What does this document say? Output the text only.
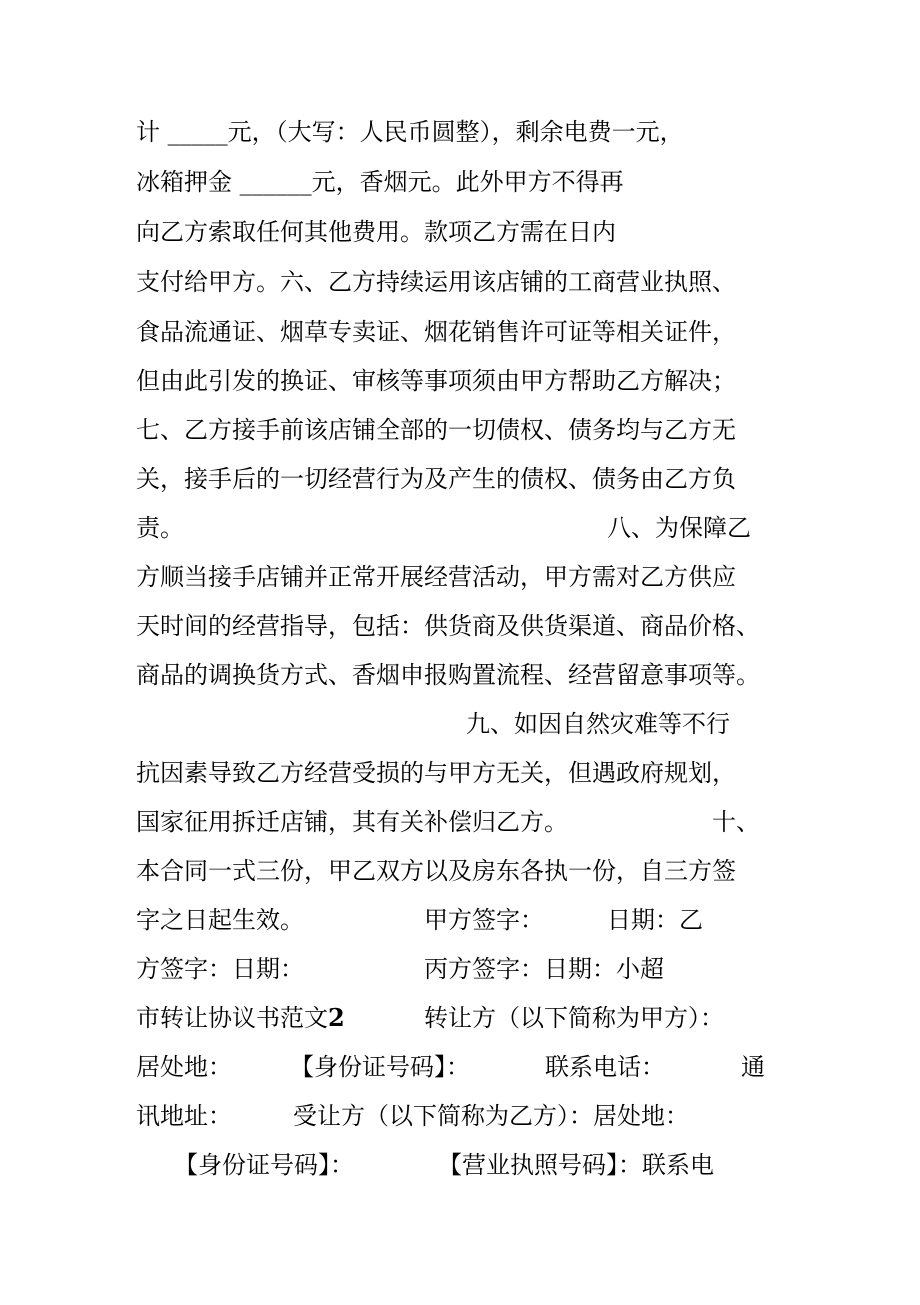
计 _____元，（大写：人民币圆整），剩余电费一元，

冰箱押金 ______元，香烟元。此外甲方不得再

向乙方索取任何其他费用。款项乙方需在日内

支付给甲方。六、乙方持续运用该店铺的工商营业执照、

食品流通证、烟草专卖证、烟花销售许可证等相关证件，

但由此引发的换证、审核等事项须由甲方帮助乙方解决；

七、乙方接手前该店铺全部的一切债权、债务均与乙方无

关，接手后的一切经营行为及产生的债权、债务由乙方负

责。

	八、为保障乙

方顺当接手店铺并正常开展经营活动，甲方需对乙方供应

天时间的经营指导，包括：供货商及供货渠道、商品价格、

商品的调换货方式、香烟申报购置流程、经营留意事项等。

九、如因自然灾难等不行

抗因素导致乙方经营受损的与甲方无关，但遇政府规划，

国家征用拆迁店铺，其有关补偿归乙方。

	十、

本合同一式三份，甲乙双方以及房东各执一份，自三方签

字之日起生效。

	甲方签字：

	日期：乙

方签字：日期：

	丙方签字：日期：小超

市转让协议书范文

2

	转让方（以下简称为甲方）：

居处地：

【身份证号码】：

	联系电话：

	通

讯地址：

	受让方（以下简称为乙方）：居处地：

【身份证号码】：

	【营业执照号码】：联系电
